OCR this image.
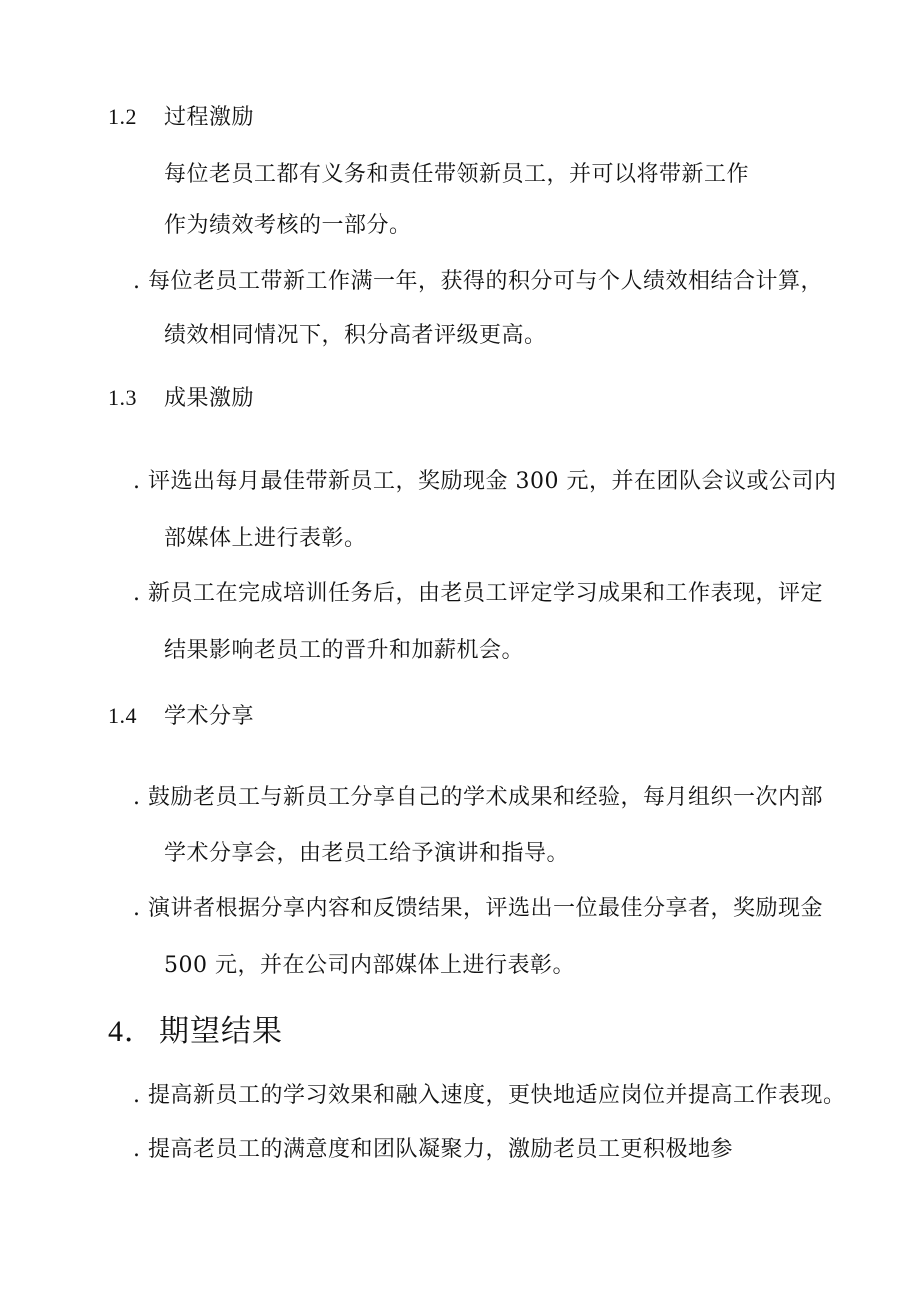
1.2 过程激励
每位老员工都有义务和责任带领新员工，并可以将带新工作
作为绩效考核的一部分。
. 每位老员工带新工作满一年，获得的积分可与个人绩效相结合计算，
绩效相同情况下，积分高者评级更高。
1.3 成果激励
. 评选出每月最佳带新员工，奖励现金 300 元，并在团队会议或公司内
部媒体上进行表彰。
. 新员工在完成培训任务后，由老员工评定学习成果和工作表现，评定
结果影响老员工的晋升和加薪机会。
1.4 学术分享
. 鼓励老员工与新员工分享自己的学术成果和经验，每月组织一次内部
学术分享会，由老员工给予演讲和指导。
. 演讲者根据分享内容和反馈结果，评选出一位最佳分享者，奖励现金
500 元，并在公司内部媒体上进行表彰。
4． 期望结果
. 提高新员工的学习效果和融入速度，更快地适应岗位并提高工作表现。
. 提高老员工的满意度和团队凝聚力，激励老员工更积极地参
